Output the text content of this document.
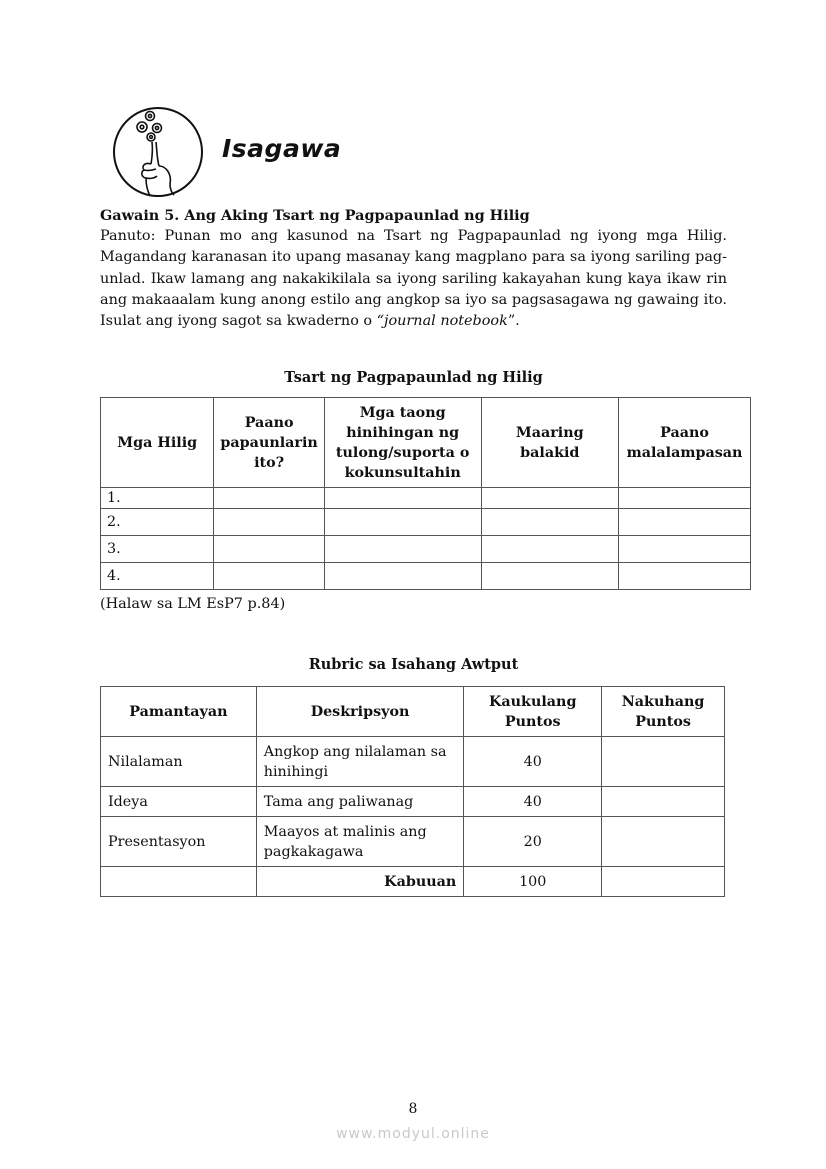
Isagawa
Gawain 5. Ang Aking Tsart ng Pagpapaunlad ng Hilig
Panuto: Punan mo ang kasunod na Tsart ng Pagpapaunlad ng iyong mga Hilig. Magandang karanasan ito upang masanay kang magplano para sa iyong sariling pag-unlad. Ikaw lamang ang nakakikilala sa iyong sariling kakayahan kung kaya ikaw rin ang makaaalam kung anong estilo ang angkop sa iyo sa pagsasagawa ng gawaing ito. Isulat ang iyong sagot sa kwaderno o “journal notebook”.
Tsart ng Pagpapaunlad ng Hilig
Mga Hilig	Paano papaunlarin ito?	Mga taong hinihingan ng tulong/suporta o kokunsultahin	Maaring balakid	Paano malalampasan
1.				
2.				
3.				
4.				
(Halaw sa LM EsP7 p.84)
Rubric sa Isahang Awtput
Pamantayan	Deskripsyon	Kaukulang Puntos	Nakuhang Puntos
Nilalaman	Angkop ang nilalaman sa hinihingi	40	
Ideya	Tama ang paliwanag	40	
Presentasyon	Maayos at malinis ang pagkakagawa	20	
	Kabuuan	100	
8
www.modyul.online
